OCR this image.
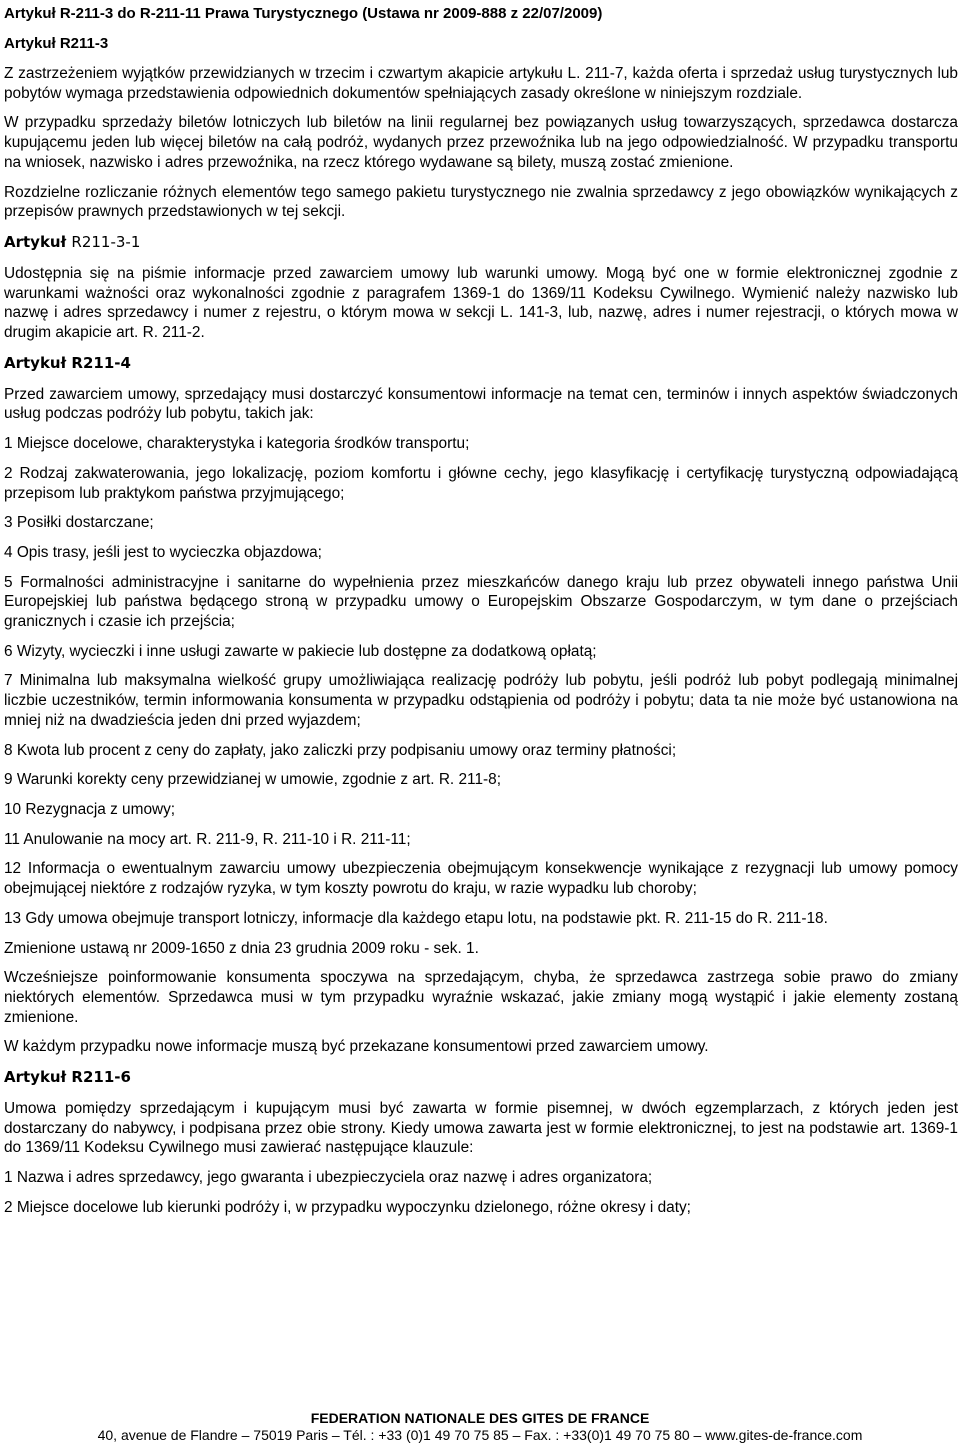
Artykuł R-211-3 do R-211-11 Prawa Turystycznego (Ustawa nr 2009-888 z 22/07/2009)
Artykuł R211-3

Z zastrzeżeniem wyjątków przewidzianych w trzecim i czwartym akapicie artykułu L. 211-7, każda oferta i sprzedaż usług turystycznych lub pobytów wymaga przedstawienia odpowiednich dokumentów spełniających zasady określone w niniejszym rozdziale.

W przypadku sprzedaży biletów lotniczych lub biletów na linii regularnej bez powiązanych usług towarzyszących, sprzedawca dostarcza kupującemu jeden lub więcej biletów na całą podróż, wydanych przez przewoźnika lub na jego odpowiedzialność. W przypadku transportu na wniosek, nazwisko i adres przewoźnika, na rzecz którego wydawane są bilety, muszą zostać zmienione.

Rozdzielne rozliczanie różnych elementów tego samego pakietu turystycznego nie zwalnia sprzedawcy z jego obowiązków wynikających z przepisów prawnych przedstawionych w tej sekcji.

Artykuł R211-3-1

Udostępnia się na piśmie informacje przed zawarciem umowy lub warunki umowy. Mogą być one w formie elektronicznej zgodnie z warunkami ważności oraz wykonalności zgodnie z paragrafem 1369-1 do 1369/11 Kodeksu Cywilnego. Wymienić należy nazwisko lub nazwę i adres sprzedawcy i numer z rejestru, o którym mowa w sekcji L. 141-3, lub, nazwę, adres i numer rejestracji, o których mowa w drugim akapicie art. R. 211-2.

Artykuł R211-4

Przed zawarciem umowy, sprzedający musi dostarczyć konsumentowi informacje na temat cen, terminów i innych aspektów świadczonych usług podczas podróży lub pobytu, takich jak:

1 Miejsce docelowe, charakterystyka i kategoria środków transportu;

2 Rodzaj zakwaterowania, jego lokalizację, poziom komfortu i główne cechy, jego klasyfikację i certyfikację turystyczną odpowiadającą przepisom lub praktykom państwa przyjmującego;

3 Posiłki dostarczane;

4 Opis trasy, jeśli jest to wycieczka objazdowa;

5 Formalności administracyjne i sanitarne do wypełnienia przez mieszkańców danego kraju lub przez obywateli innego państwa Unii Europejskiej lub państwa będącego stroną w przypadku umowy o Europejskim Obszarze Gospodarczym, w tym dane o przejściach granicznych i czasie ich przejścia;

6 Wizyty, wycieczki i inne usługi zawarte w pakiecie lub dostępne za dodatkową opłatą;

7 Minimalna lub maksymalna wielkość grupy umożliwiająca realizację podróży lub pobytu, jeśli podróż lub pobyt podlegają minimalnej liczbie uczestników, termin informowania konsumenta w przypadku odstąpienia od podróży i pobytu; data ta nie może być ustanowiona na mniej niż na dwadzieścia jeden dni przed wyjazdem;

8 Kwota lub procent z ceny do zapłaty, jako zaliczki przy podpisaniu umowy oraz terminy płatności;

9 Warunki korekty ceny przewidzianej w umowie, zgodnie z art. R. 211-8;

10 Rezygnacja z umowy;

11 Anulowanie na mocy art. R. 211-9, R. 211-10 i R. 211-11;

12 Informacja o ewentualnym zawarciu umowy ubezpieczenia obejmującym konsekwencje wynikające z rezygnacji lub umowy pomocy obejmującej niektóre z rodzajów ryzyka, w tym koszty powrotu do kraju, w razie wypadku lub choroby;

13 Gdy umowa obejmuje transport lotniczy, informacje dla każdego etapu lotu, na podstawie pkt. R. 211-15 do R. 211-18.

Zmienione ustawą nr 2009-1650 z dnia 23 grudnia 2009 roku - sek. 1.

Wcześniejsze poinformowanie konsumenta spoczywa na sprzedającym, chyba, że sprzedawca zastrzega sobie prawo do zmiany niektórych elementów. Sprzedawca musi w tym przypadku wyraźnie wskazać, jakie zmiany mogą wystąpić i jakie elementy zostaną zmienione.

W każdym przypadku nowe informacje muszą być przekazane konsumentowi przed zawarciem umowy.

Artykuł R211-6

Umowa pomiędzy sprzedającym i kupującym musi być zawarta w formie pisemnej, w dwóch egzemplarzach, z których jeden jest dostarczany do nabywcy, i podpisana przez obie strony. Kiedy umowa zawarta jest w formie elektronicznej, to jest na podstawie art. 1369-1 do 1369/11 Kodeksu Cywilnego musi zawierać następujące klauzule:

1 Nazwa i adres sprzedawcy, jego gwaranta i ubezpieczyciela oraz nazwę i adres organizatora;

2 Miejsce docelowe lub kierunki podróży i, w przypadku wypoczynku dzielonego, różne okresy i daty;

FEDERATION NATIONALE DES GITES DE FRANCE
40, avenue de Flandre – 75019 Paris – Tél. : +33 (0)1 49 70 75 85 – Fax. : +33(0)1 49 70 75 80 – www.gites-de-france.com
